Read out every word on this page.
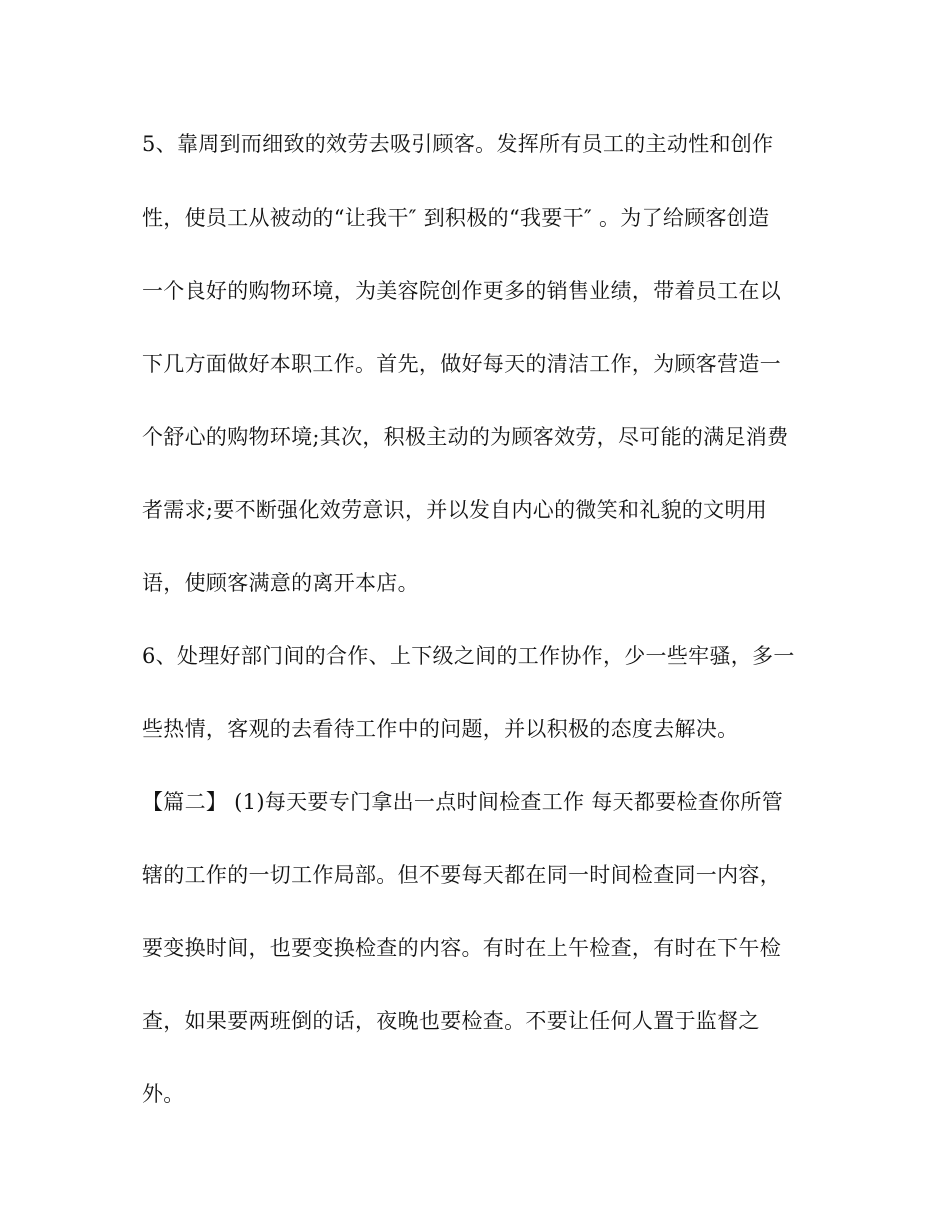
5、靠周到而细致的效劳去吸引顾客。发挥所有员工的主动性和创作
性，使员工从被动的“让我干″ 到积极的“我要干″ 。为了给顾客创造
一个良好的购物环境，为美容院创作更多的销售业绩，带着员工在以
下几方面做好本职工作。首先，做好每天的清洁工作，为顾客营造一
个舒心的购物环境;其次，积极主动的为顾客效劳，尽可能的满足消费
者需求;要不断强化效劳意识，并以发自内心的微笑和礼貌的文明用
语，使顾客满意的离开本店。
6、处理好部门间的合作、上下级之间的工作协作，少一些牢骚，多一
些热情，客观的去看待工作中的问题，并以积极的态度去解决。
【篇二】 (1)每天要专门拿出一点时间检查工作 每天都要检查你所管
辖的工作的一切工作局部。但不要每天都在同一时间检查同一内容，
要变换时间，也要变换检查的内容。有时在上午检查，有时在下午检
查，如果要两班倒的话，夜晚也要检查。不要让任何人置于监督之
外。
